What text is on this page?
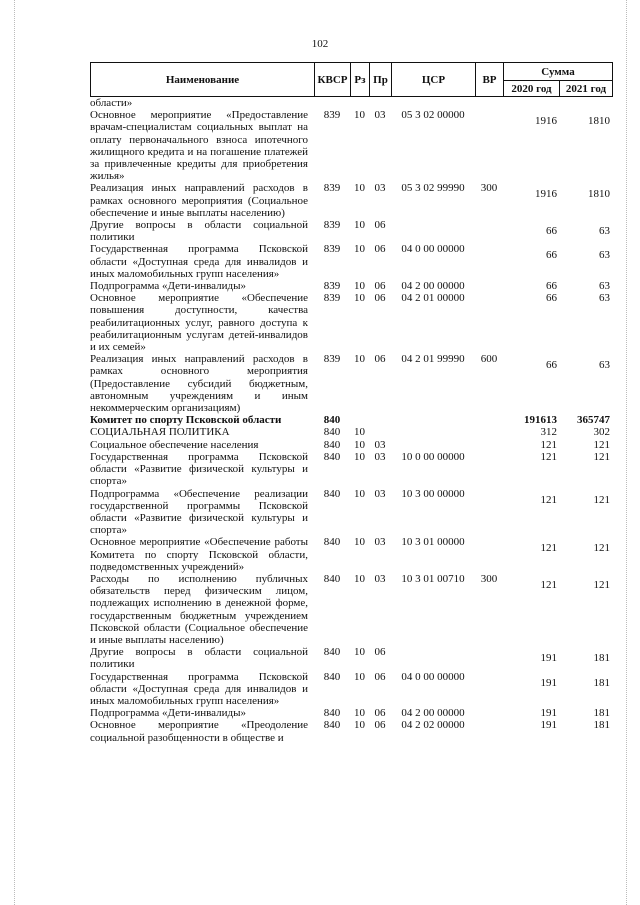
102
Наименование	КВСР	Рз	Пр	ЦСР	ВР	Сумма	
						2020 год	2021 год
области»							
Основное мероприятие «Предоставление врачам-специалистам социальных выплат на оплату первоначального взноса ипотечного жилищного кредита и на погашение платежей за привлеченные кредиты для приобретения жилья»	839	10	03	05 3 02 00000		1916	1810
Реализация иных направлений расходов в рамках основного мероприятия (Социальное обеспечение и иные выплаты населению)	839	10	03	05 3 02 99990	300	1916	1810
Другие вопросы в области социальной политики	839	10	06			66	63
Государственная программа Псковской области «Доступная среда для инвалидов и иных маломобильных групп населения»	839	10	06	04 0 00 00000		66	63
Подпрограмма «Дети-инвалиды»	839	10	06	04 2 00 00000		66	63
Основное мероприятие «Обеспечение повышения доступности, качества реабилитационных услуг, равного доступа к реабилитационным услугам детей-инвалидов и их семей»	839	10	06	04 2 01 00000		66	63
Реализация иных направлений расходов в рамках основного мероприятия (Предоставление субсидий бюджетным, автономным учреждениям и иным некоммерческим организациям)	839	10	06	04 2 01 99990	600	66	63
Комитет по спорту Псковской области	840					191613	365747
СОЦИАЛЬНАЯ ПОЛИТИКА	840	10				312	302
Социальное обеспечение населения	840	10	03			121	121
Государственная программа Псковской области «Развитие физической культуры и спорта»	840	10	03	10 0 00 00000		121	121
Подпрограмма «Обеспечение реализации государственной программы Псковской области «Развитие физической культуры и спорта»	840	10	03	10 3 00 00000		121	121
Основное мероприятие «Обеспечение работы Комитета по спорту Псковской области, подведомственных учреждений»	840	10	03	10 3 01 00000		121	121
Расходы по исполнению публичных обязательств перед физическим лицом, подлежащих исполнению в денежной форме, государственным бюджетным учреждением Псковской области (Социальное обеспечение и иные выплаты населению)	840	10	03	10 3 01 00710	300	121	121
Другие вопросы в области социальной политики	840	10	06			191	181
Государственная программа Псковской области «Доступная среда для инвалидов и иных маломобильных групп населения»	840	10	06	04 0 00 00000		191	181
Подпрограмма «Дети-инвалиды»	840	10	06	04 2 00 00000		191	181
Основное мероприятие «Преодоление социальной разобщенности в обществе и	840	10	06	04 2 02 00000		191	181
